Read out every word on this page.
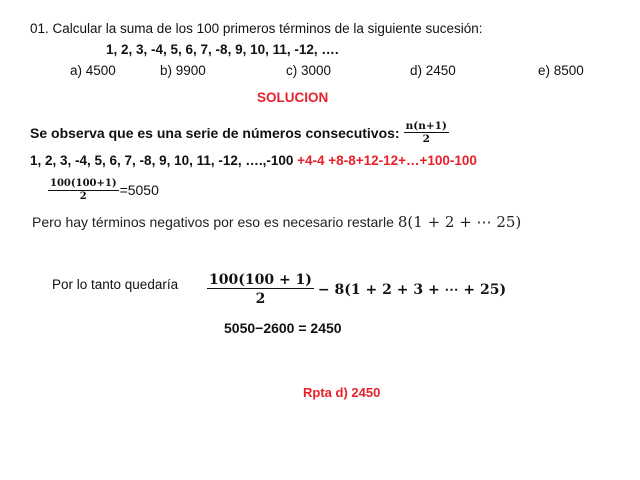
01. Calcular la suma de los 100 primeros términos de la siguiente sucesión:
1, 2, 3, -4, 5, 6, 7, -8, 9, 10, 11, -12, ….
a) 4500	b) 9900	c) 3000	d) 2450	e) 8500
SOLUCION
Se observa que es una serie de números consecutivos: $\frac{n(n+1)}{2}$
1, 2, 3, -4, 5, 6, 7, -8, 9, 10, 11, -12, ….,-100 +4-4 +8-8+12-12+…+100-100
$\frac{100(100+1)}{2} =5050$
Pero hay términos negativos por eso es necesario restarle 8(1 + 2 + ⋯ 25)
Por lo tanto quedaría $\frac{100(100 + 1)}{2} - 8(1 + 2 + 3$ + ⋯ + 25)
5050−2600 = 2450
Rpta d) 2450
